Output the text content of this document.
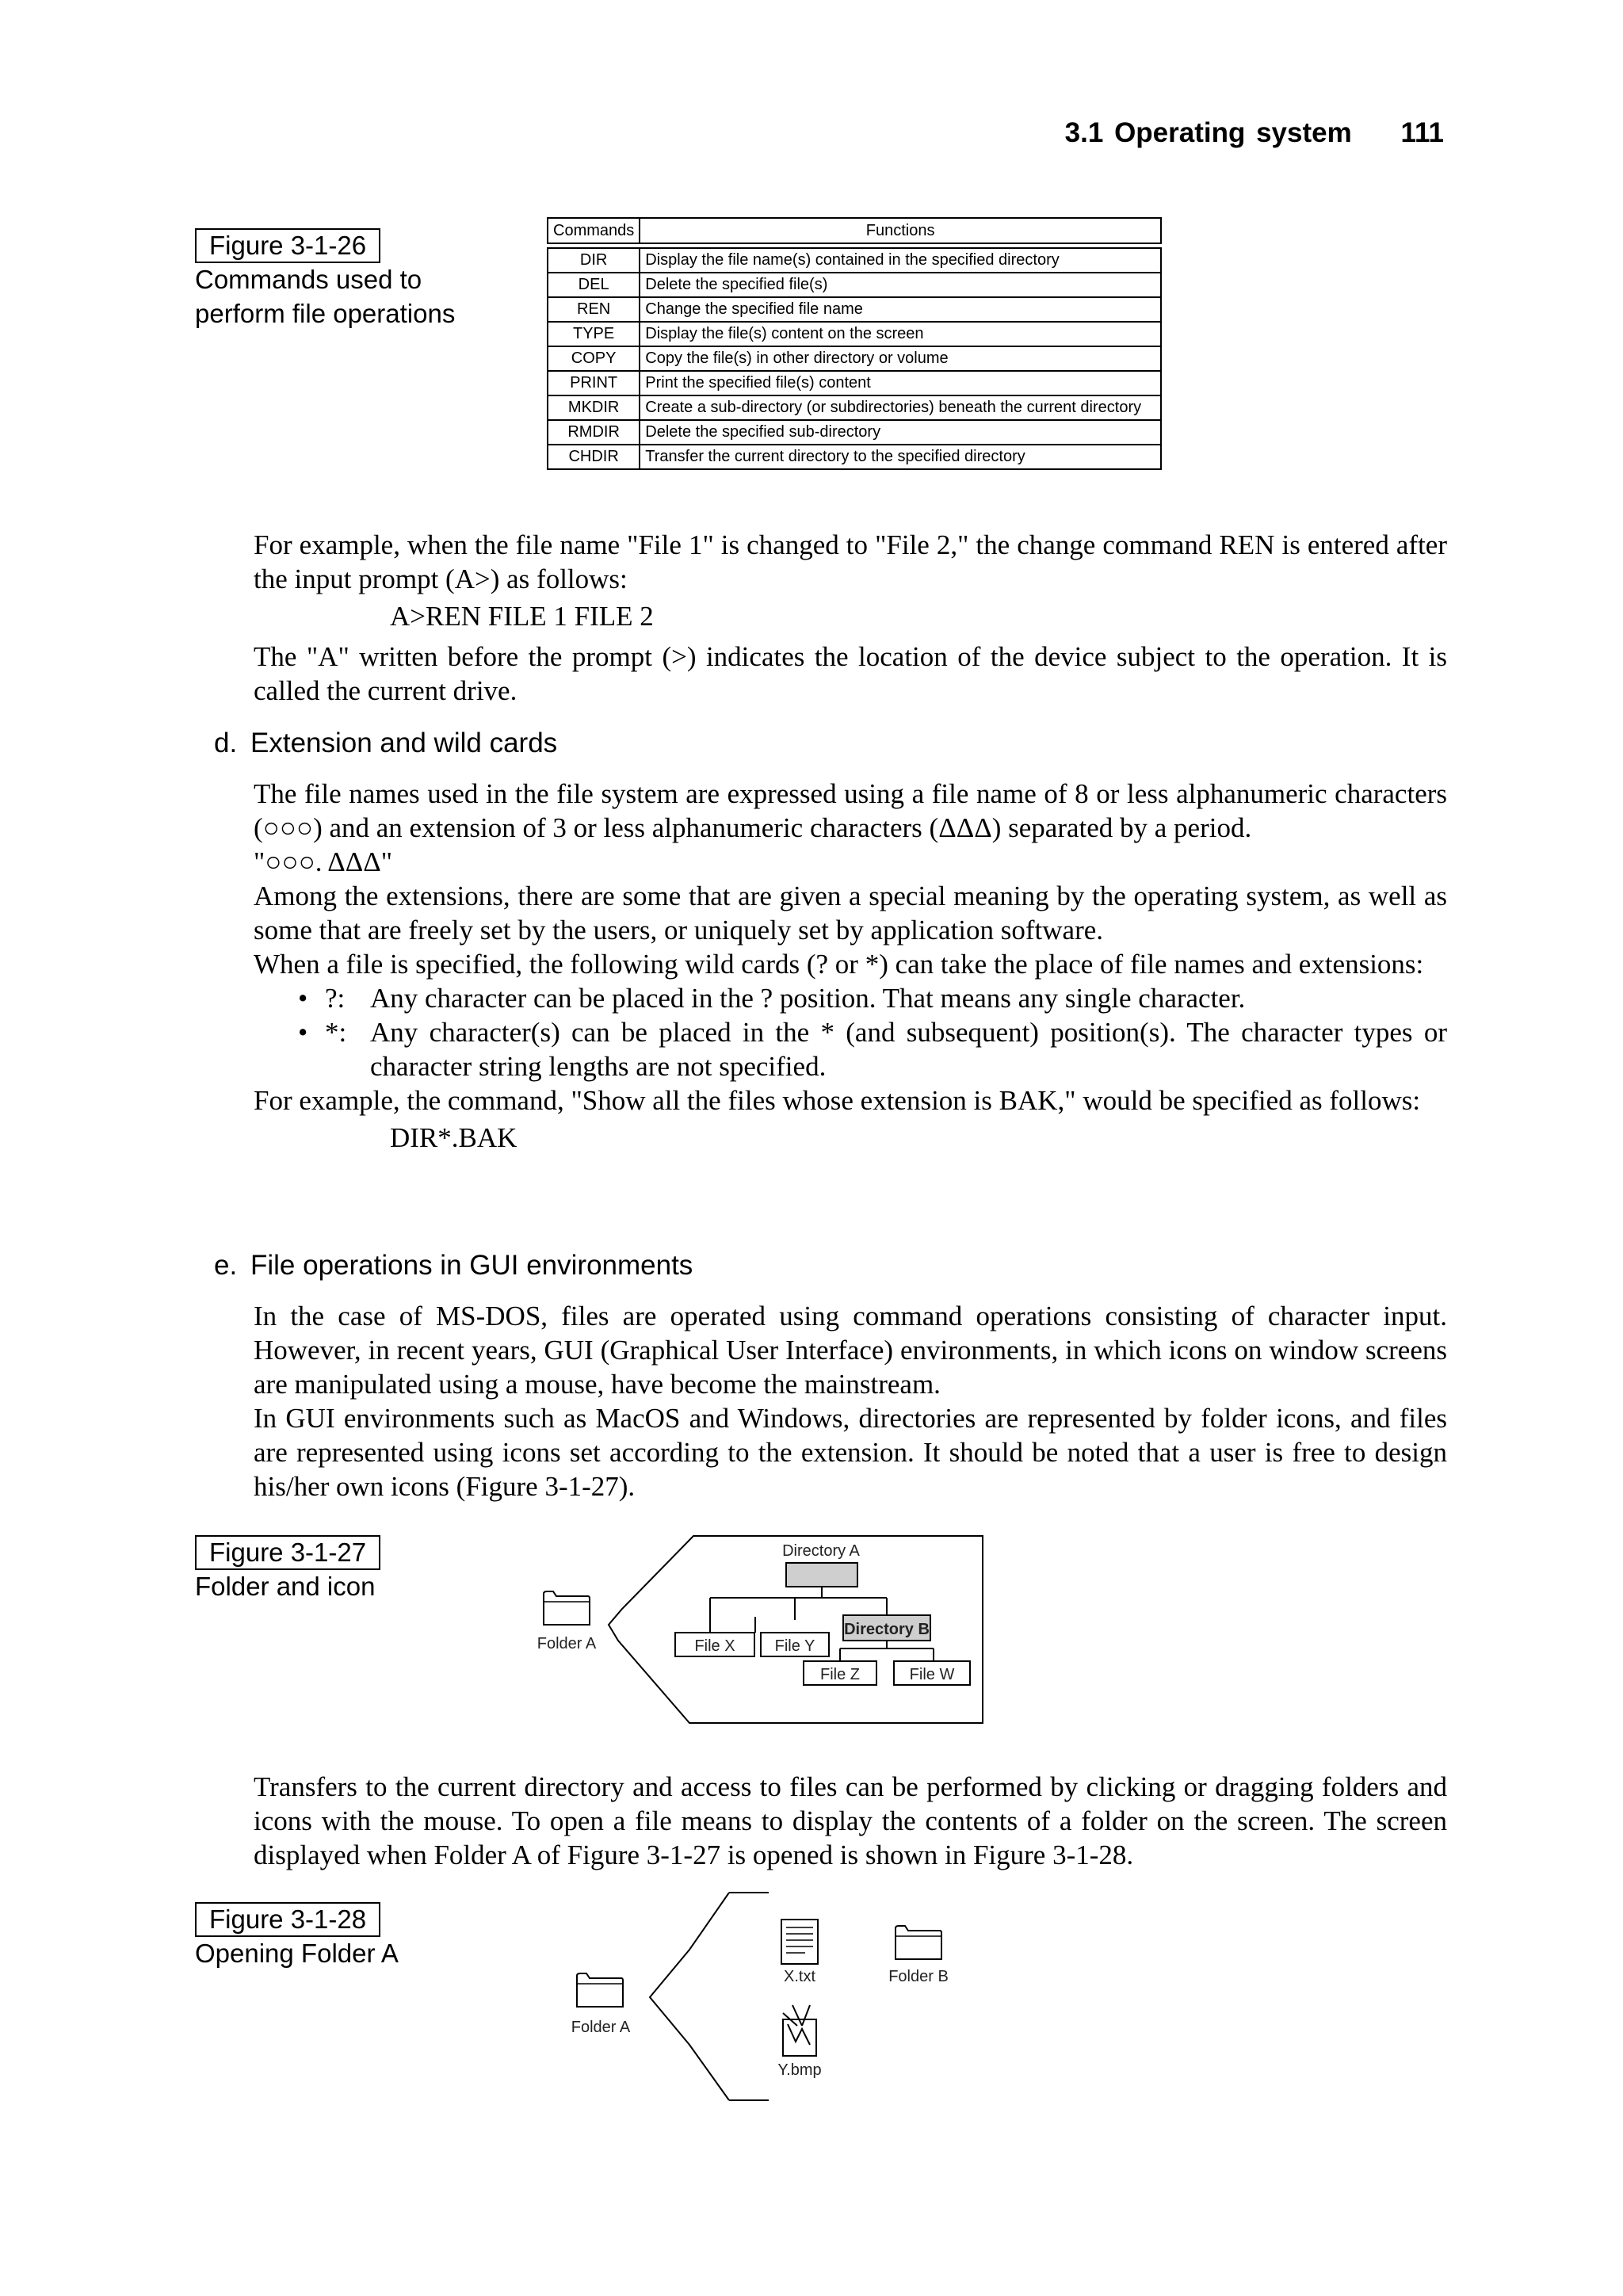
3.1 Operating system 111
Figure 3-1-26
Commands used to
perform file operations
Commands	Functions

DIR	Display the file name(s) contained in the specified directory
DEL	Delete the specified file(s)
REN	Change the specified file name
TYPE	Display the file(s) content on the screen
COPY	Copy the file(s) in other directory or volume
PRINT	Print the specified file(s) content
MKDIR	Create a sub-directory (or subdirectories) beneath the current directory
RMDIR	Delete the specified sub-directory
CHDIR	Transfer the current directory to the specified directory

For example, when the file name "File 1" is changed to "File 2," the change command REN is entered after the input prompt (A>) as follows:

A>REN FILE 1 FILE 2

The "A" written before the prompt (>) indicates the location of the device subject to the operation. It is called the current drive.

d. Extension and wild cards

The file names used in the file system are expressed using a file name of 8 or less alphanumeric characters (○○○) and an extension of 3 or less alphanumeric characters (ΔΔΔ) separated by a period.

"○○○. ΔΔΔ"

Among the extensions, there are some that are given a special meaning by the operating system, as well as some that are freely set by the users, or uniquely set by application software.

When a file is specified, the following wild cards (? or *) can take the place of file names and extensions:

• ?: Any character can be placed in the ? position. That means any single character.
• *: Any character(s) can be placed in the * (and subsequent) position(s). The character types or character string lengths are not specified.

For example, the command, "Show all the files whose extension is BAK," would be specified as follows:

DIR*.BAK

e. File operations in GUI environments

In the case of MS-DOS, files are operated using command operations consisting of character input. However, in recent years, GUI (Graphical User Interface) environments, in which icons on window screens are manipulated using a mouse, have become the mainstream.

In GUI environments such as MacOS and Windows, directories are represented by folder icons, and files are represented using icons set according to the extension. It should be noted that a user is free to design his/her own icons (Figure 3-1-27).

Figure 3-1-27
Folder and icon
Folder A
Directory A
File X	File Y
Directory B
File Z	File W

Transfers to the current directory and access to files can be performed by clicking or dragging folders and icons with the mouse. To open a file means to display the contents of a folder on the screen. The screen displayed when Folder A of Figure 3-1-27 is opened is shown in Figure 3-1-28.

Figure 3-1-28
Opening Folder A
Folder A
X.txt	Folder B
Y.bmp
